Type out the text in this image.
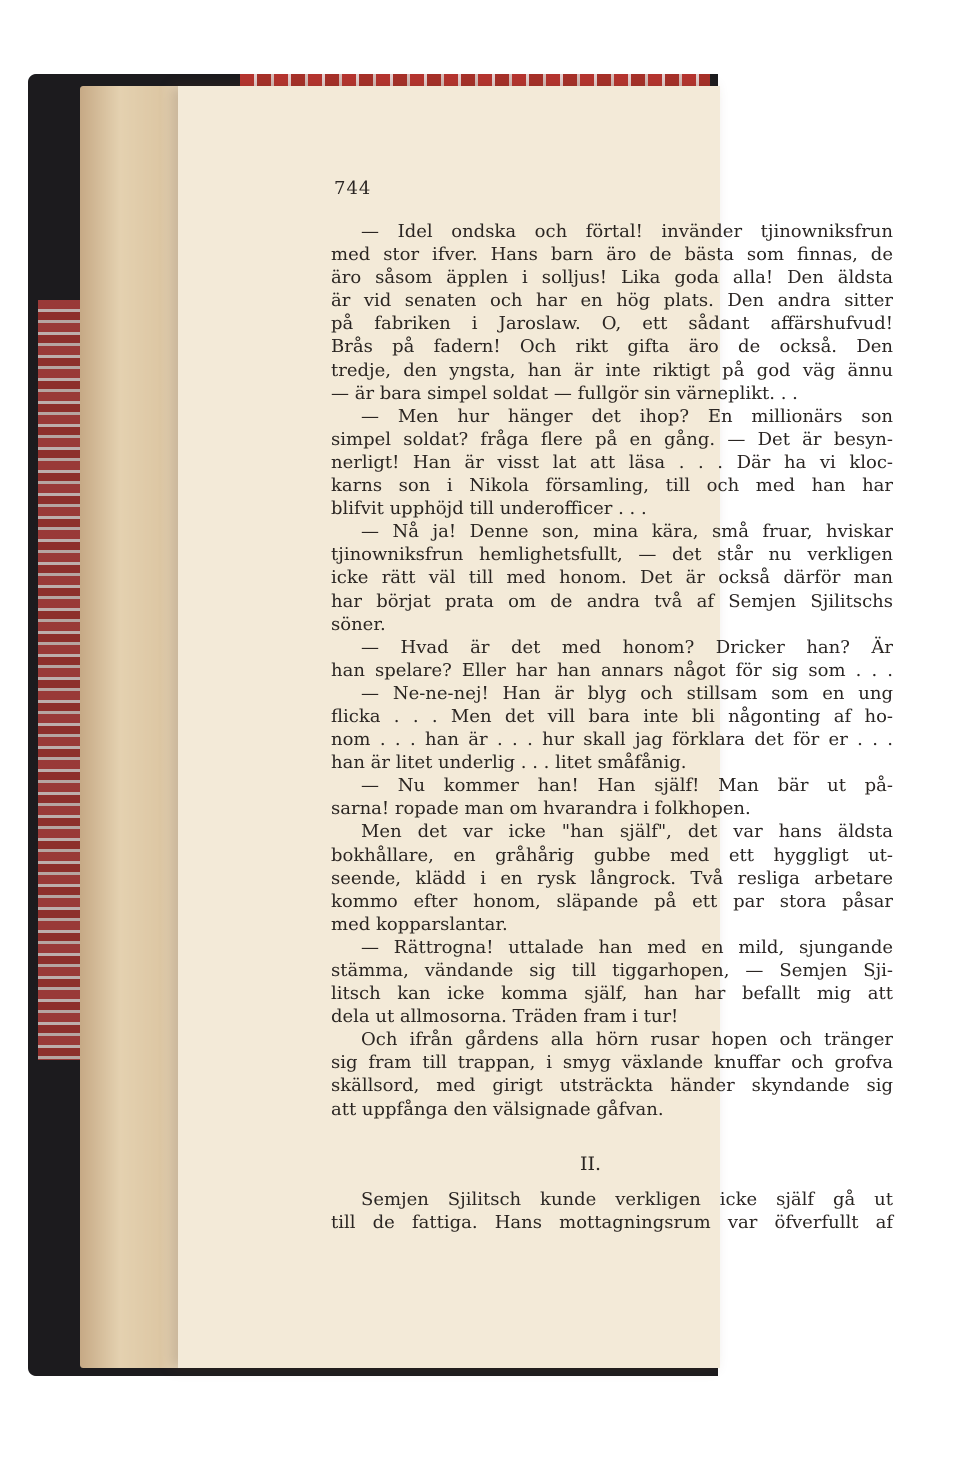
744
— Idel ondska och förtal! invänder tjinowniksfrun
med stor ifver. Hans barn äro de bästa som finnas, de
äro såsom äpplen i solljus! Lika goda alla! Den äldsta
är vid senaten och har en hög plats. Den andra sitter
på fabriken i Jaroslaw. O, ett sådant affärshufvud!
Brås på fadern! Och rikt gifta äro de också. Den
tredje, den yngsta, han är inte riktigt på god väg ännu
— är bara simpel soldat — fullgör sin värneplikt. . .
— Men hur hänger det ihop? En millionärs son
simpel soldat? fråga flere på en gång. — Det är besyn-
nerligt! Han är visst lat att läsa . . . Där ha vi kloc-
karns son i Nikola församling, till och med han har
blifvit upphöjd till underofficer . . .
— Nå ja! Denne son, mina kära, små fruar, hviskar
tjinowniksfrun hemlighetsfullt, — det står nu verkligen
icke rätt väl till med honom. Det är också därför man
har börjat prata om de andra två af Semjen Sjilitschs
söner.
— Hvad är det med honom? Dricker han? Är
han spelare? Eller har han annars något för sig som . . .
— Ne-ne-nej! Han är blyg och stillsam som en ung
flicka . . . Men det vill bara inte bli någonting af ho-
nom . . . han är . . . hur skall jag förklara det för er . . .
han är litet underlig . . . litet småfånig.
— Nu kommer han! Han själf! Man bär ut på-
sarna! ropade man om hvarandra i folkhopen.
Men det var icke "han själf", det var hans äldsta
bokhållare, en gråhårig gubbe med ett hyggligt ut-
seende, klädd i en rysk långrock. Två resliga arbetare
kommo efter honom, släpande på ett par stora påsar
med kopparslantar.
— Rättrogna! uttalade han med en mild, sjungande
stämma, vändande sig till tiggarhopen, — Semjen Sji-
litsch kan icke komma själf, han har befallt mig att
dela ut allmosorna. Träden fram i tur!
Och ifrån gårdens alla hörn rusar hopen och tränger
sig fram till trappan, i smyg växlande knuffar och grofva
skällsord, med girigt utsträckta händer skyndande sig
att uppfånga den välsignade gåfvan.
II.
Semjen Sjilitsch kunde verkligen icke själf gå ut
till de fattiga. Hans mottagningsrum var öfverfullt af
